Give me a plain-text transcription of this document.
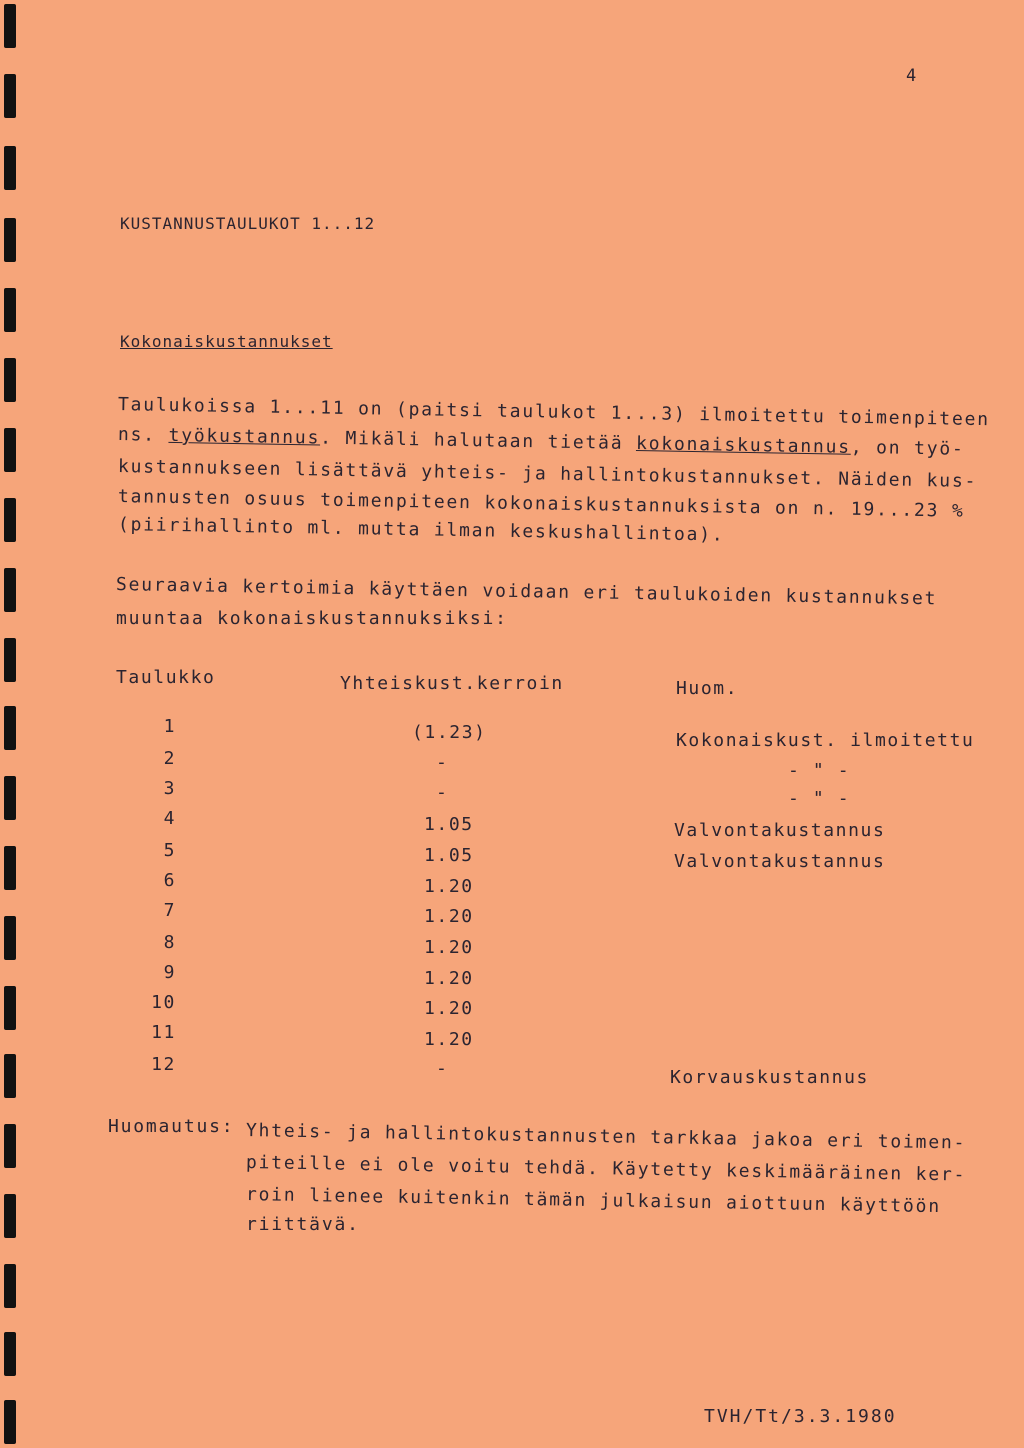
4
KUSTANNUSTAULUKOT 1...12
Kokonaiskustannukset
Taulukoissa 1...11 on (paitsi taulukot 1...3) ilmoitettu toimenpiteen
ns. työkustannus. Mikäli halutaan tietää kokonaiskustannus, on työ-
kustannukseen lisättävä yhteis- ja hallintokustannukset. Näiden kus-
tannusten osuus toimenpiteen kokonaiskustannuksista on n. 19...23 %
(piirihallinto ml. mutta ilman keskushallintoa).
Seuraavia kertoimia käyttäen voidaan eri taulukoiden kustannukset
muuntaa kokonaiskustannuksiksi:
Taulukko	Yhteiskust.kerroin	Huom.
1	(1.23)	Kokonaiskust. ilmoitettu
2	-	- " -
3	-	- " -
4	1.05	Valvontakustannus
5	1.05	Valvontakustannus
6	1.20
7	1.20
8	1.20
9	1.20
10	1.20
11	1.20
12	-	Korvauskustannus
Huomautus: Yhteis- ja hallintokustannusten tarkkaa jakoa eri toimen-
piteille ei ole voitu tehdä. Käytetty keskimääräinen ker-
roin lienee kuitenkin tämän julkaisun aiottuun käyttöön
riittävä.
TVH/Tt/3.3.1980
